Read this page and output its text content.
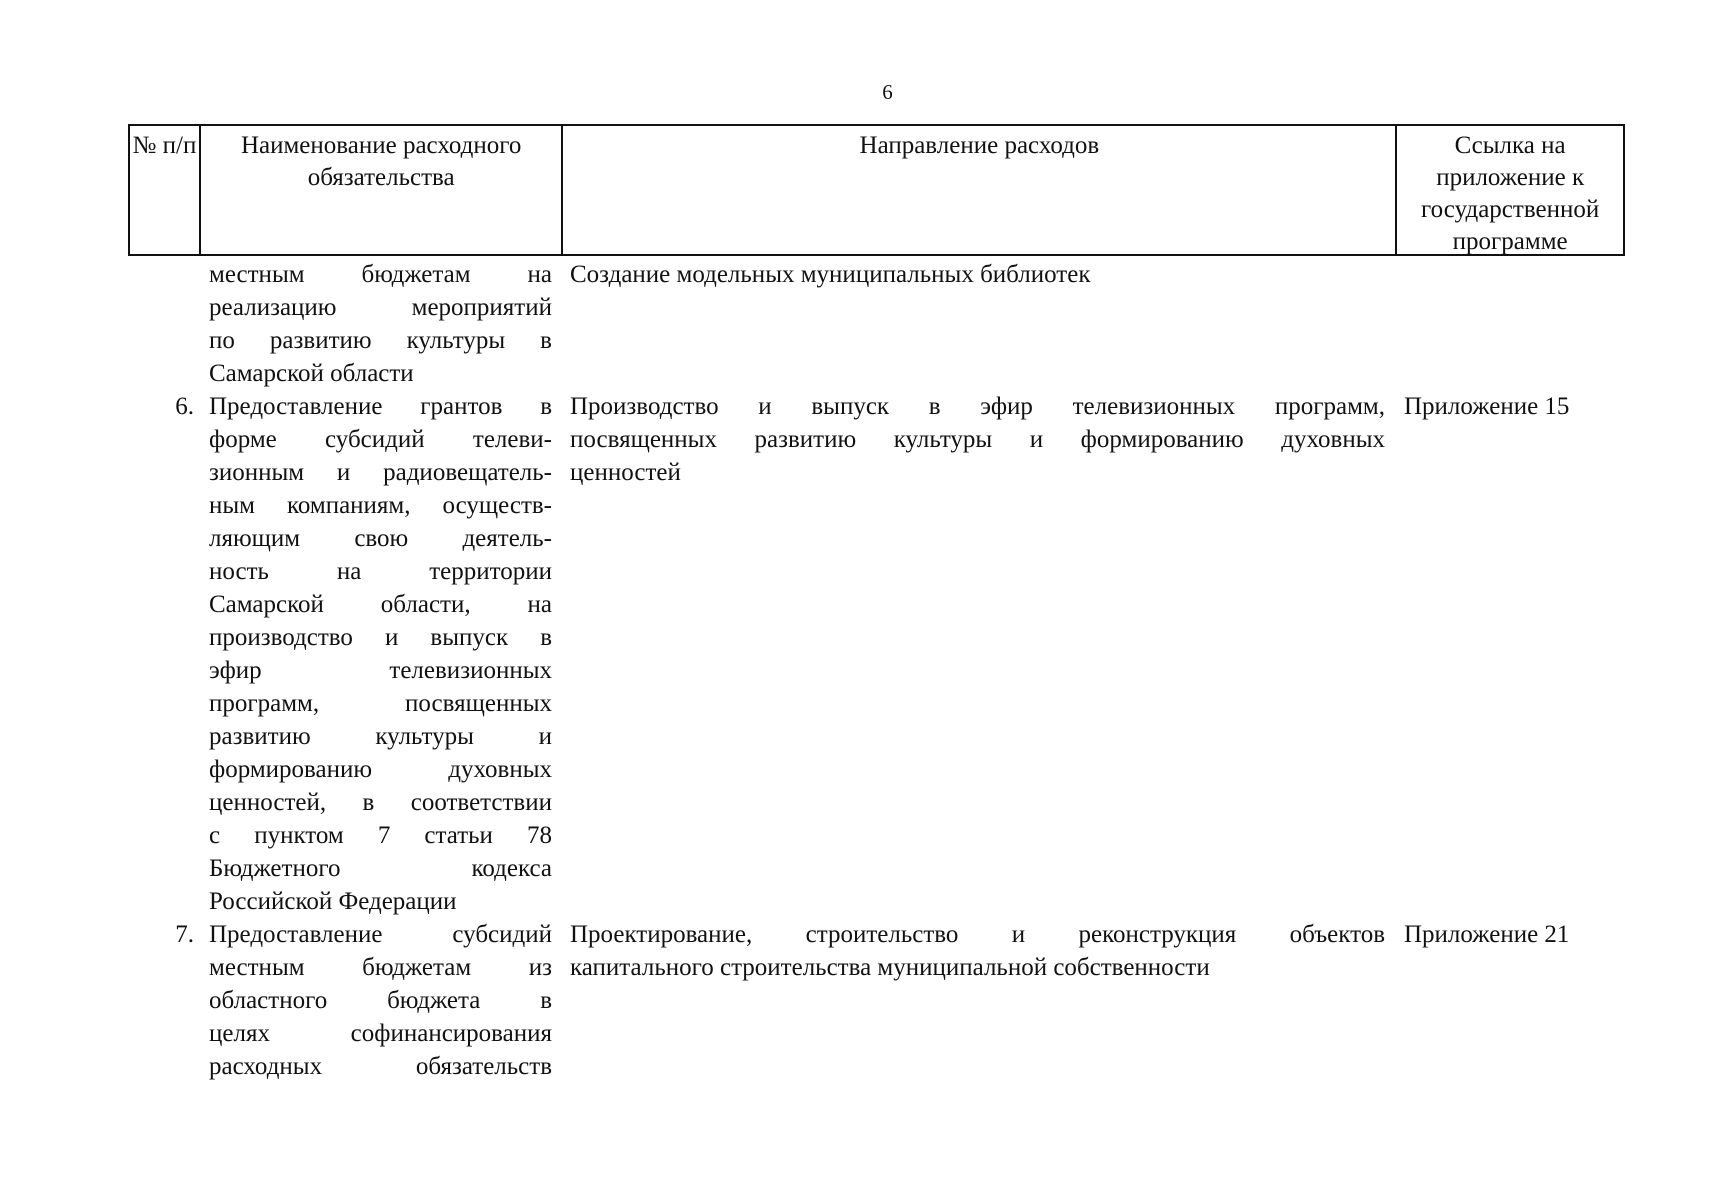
6
№ п/п	Наименование расходного обязательства
Направление расходов	Ссылка на приложение к государственной программе
местным бюджетам на
реализацию мероприятий
по развитию культуры в
Самарской области
Создание модельных муниципальных библиотек
6. Предоставление грантов в
форме субсидий телеви-
зионным и радиовещатель-
ным компаниям, осуществ-
ляющим свою деятель-
ность на территории
Самарской области, на
производство и выпуск в
эфир телевизионных
программ, посвященных
развитию культуры и
формированию духовных
ценностей, в соответствии
с пунктом 7 статьи 78
Бюджетного кодекса
Российской Федерации
Производство и выпуск в эфир телевизионных программ,
посвященных развитию культуры и формированию духовных
ценностей
Приложение 15
7. Предоставление субсидий
местным бюджетам из
областного бюджета в
целях софинансирования
расходных обязательств
Проектирование, строительство и реконструкция объектов
капитального строительства муниципальной собственности
Приложение 21
